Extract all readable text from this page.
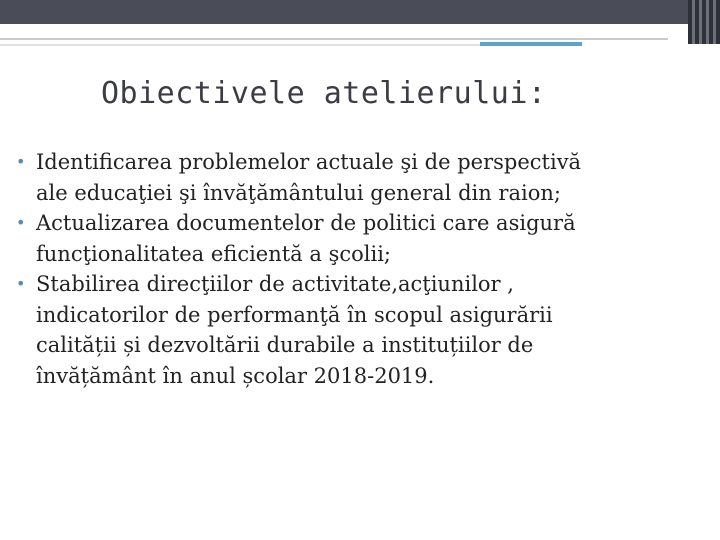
Obiectivele atelierului:
• Identificarea problemelor actuale şi de perspectivă
ale educaţiei şi învăţământului general din raion;
• Actualizarea documentelor de politici care asigură
funcţionalitatea eficientă a şcolii;
• Stabilirea direcţiilor de activitate,acţiunilor ,
indicatorilor de performanţă în scopul asigurării
calității și dezvoltării durabile a instituțiilor de
învățământ în anul școlar 2018-2019.
